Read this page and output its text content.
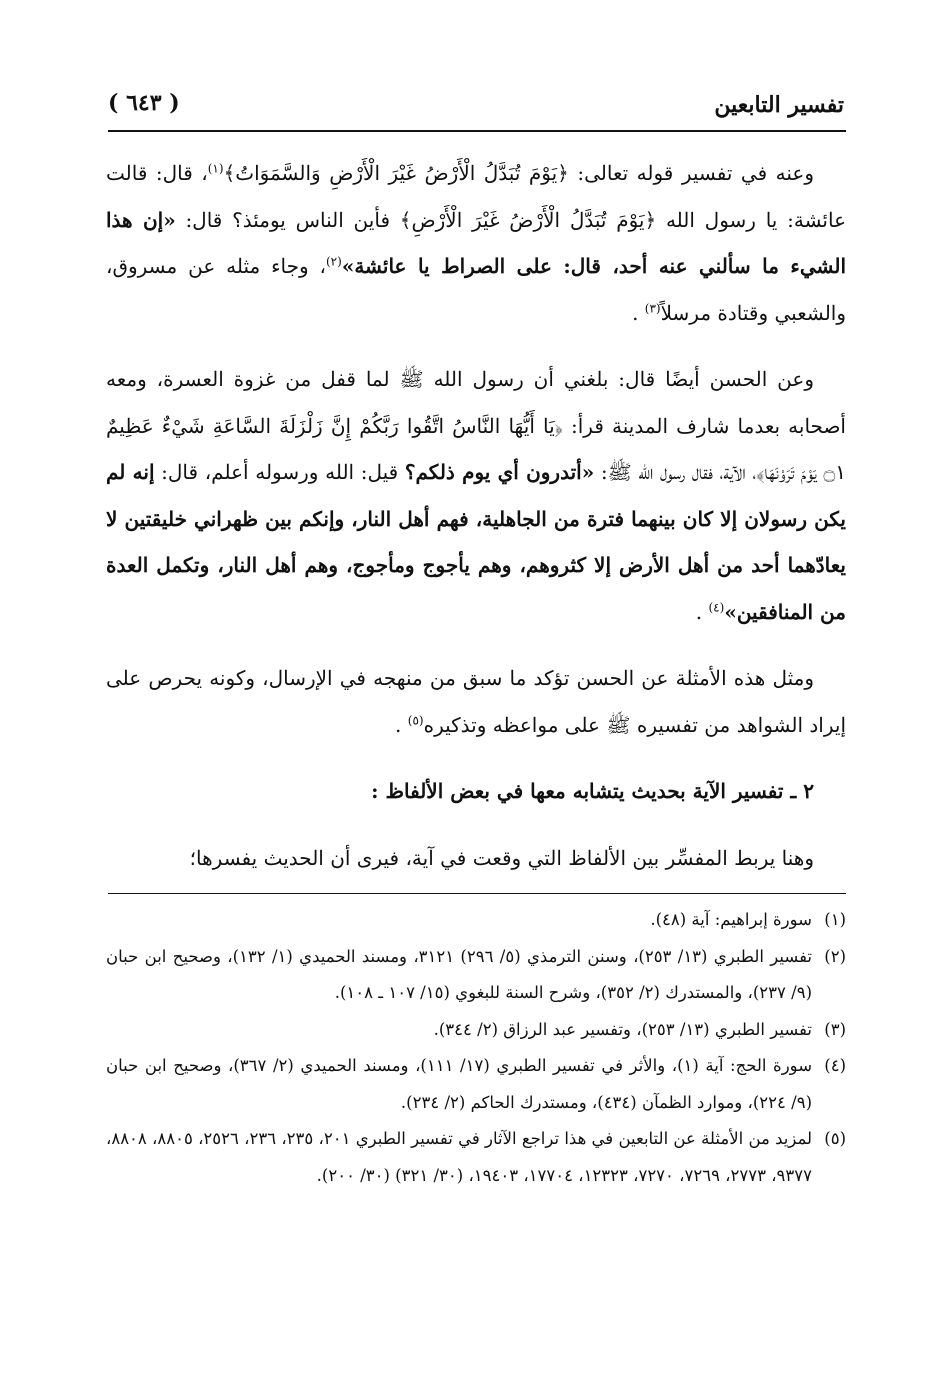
تفسير التابعين
( ٦٤٣ )

وعنه في تفسير قوله تعالى: ﴿يَوْمَ تُبَدَّلُ الْأَرْضُ غَيْرَ الْأَرْضِ وَالسَّمَوَاتُ﴾$^{(١)}$، قال: قالت عائشة: يا رسول الله ﴿يَوْمَ تُبَدَّلُ الْأَرْضُ غَيْرَ الْأَرْضِ﴾ فأين الناس يومئذ؟ قال: «إن هذا الشيء ما سألني عنه أحد، قال: على الصراط يا عائشة»$^{(٢)}$، وجاء مثله عن مسروق، والشعبي وقتادة مرسلاً$^{(٣)}$ .

وعن الحسن أيضًا قال: بلغني أن رسول الله ﷺ لما قفل من غزوة العسرة، ومعه أصحابه بعدما شارف المدينة قرأ: ﴿يَا أَيُّهَا النَّاسُ اتَّقُوا رَبَّكُمْ إِنَّ زَلْزَلَةَ السَّاعَةِ شَيْءٌ عَظِيمٌ ۝١ يَوْمَ تَرَوْنَهَا﴾، الآية، فقال رسول الله ﷺ: «أتدرون أي يوم ذلكم؟ قيل: الله ورسوله أعلم، قال: إنه لم يكن رسولان إلا كان بينهما فترة من الجاهلية، فهم أهل النار، وإنكم بين ظهراني خليقتين لا يعادّهما أحد من أهل الأرض إلا كثروهم، وهم يأجوج ومأجوج، وهم أهل النار، وتكمل العدة من المنافقين»$^{(٤)}$ .

ومثل هذه الأمثلة عن الحسن تؤكد ما سبق من منهجه في الإرسال، وكونه يحرص على إيراد الشواهد من تفسيره ﷺ على مواعظه وتذكيره$^{(٥)}$ .

٢ ـ تفسير الآية بحديث يتشابه معها في بعض الألفاظ :

وهنا يربط المفسِّر بين الألفاظ التي وقعت في آية، فيرى أن الحديث يفسرها؛

(١)
سورة إبراهيم: آية (٤٨).
(٢)
تفسير الطبري (١٣/ ٢٥٣)، وسنن الترمذي (٥/ ٢٩٦) ٣١٢١، ومسند الحميدي (١/ ١٣٢)، وصحيح ابن حبان (٩/ ٢٣٧)، والمستدرك (٢/ ٣٥٢)، وشرح السنة للبغوي (١٥/ ١٠٧ ـ ١٠٨).
(٣)
تفسير الطبري (١٣/ ٢٥٣)، وتفسير عبد الرزاق (٢/ ٣٤٤).
(٤)
سورة الحج: آية (١)، والأثر في تفسير الطبري (١٧/ ١١١)، ومسند الحميدي (٢/ ٣٦٧)، وصحيح ابن حبان (٩/ ٢٢٤)، وموارد الظمآن (٤٣٤)، ومستدرك الحاكم (٢/ ٢٣٤).
(٥)
لمزيد من الأمثلة عن التابعين في هذا تراجع الآثار في تفسير الطبري ٢٠١، ٢٣٥، ٢٣٦، ٢٥٢٦، ٨٨٠٥، ٨٨٠٨، ٩٣٧٧، ٢٧٧٣، ٧٢٦٩، ٧٢٧٠، ١٢٣٢٣، ١٧٧٠٤، ١٩٤٠٣، (٣٠/ ٣٢١) (٣٠/ ٢٠٠).
